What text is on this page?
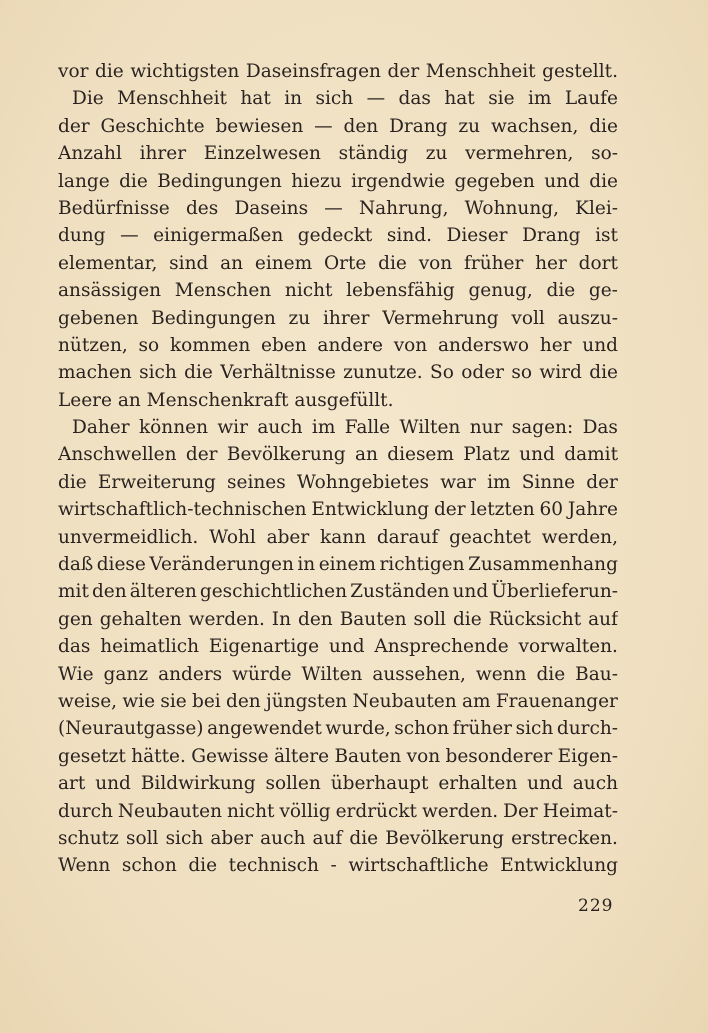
vor die wichtigsten Daseinsfragen der Menschheit gestellt.
Die Menschheit hat in sich — das hat sie im Laufe
der Geschichte bewiesen — den Drang zu wachsen, die
Anzahl ihrer Einzelwesen ständig zu vermehren, so-
lange die Bedingungen hiezu irgendwie gegeben und die
Bedürfnisse des Daseins — Nahrung, Wohnung, Klei-
dung — einigermaßen gedeckt sind. Dieser Drang ist
elementar, sind an einem Orte die von früher her dort
ansässigen Menschen nicht lebensfähig genug, die ge-
gebenen Bedingungen zu ihrer Vermehrung voll auszu-
nützen, so kommen eben andere von anderswo her und
machen sich die Verhältnisse zunutze. So oder so wird die
Leere an Menschenkraft ausgefüllt.
Daher können wir auch im Falle Wilten nur sagen: Das
Anschwellen der Bevölkerung an diesem Platz und damit
die Erweiterung seines Wohngebietes war im Sinne der
wirtschaftlich-technischen Entwicklung der letzten 60 Jahre
unvermeidlich. Wohl aber kann darauf geachtet werden,
daß diese Veränderungen in einem richtigen Zusammenhang
mit den älteren geschichtlichen Zuständen und Überlieferun-
gen gehalten werden. In den Bauten soll die Rücksicht auf
das heimatlich Eigenartige und Ansprechende vorwalten.
Wie ganz anders würde Wilten aussehen, wenn die Bau-
weise, wie sie bei den jüngsten Neubauten am Frauenanger
(Neurautgasse) angewendet wurde, schon früher sich durch-
gesetzt hätte. Gewisse ältere Bauten von besonderer Eigen-
art und Bildwirkung sollen überhaupt erhalten und auch
durch Neubauten nicht völlig erdrückt werden. Der Heimat-
schutz soll sich aber auch auf die Bevölkerung erstrecken.
Wenn schon die technisch - wirtschaftliche Entwicklung
229
